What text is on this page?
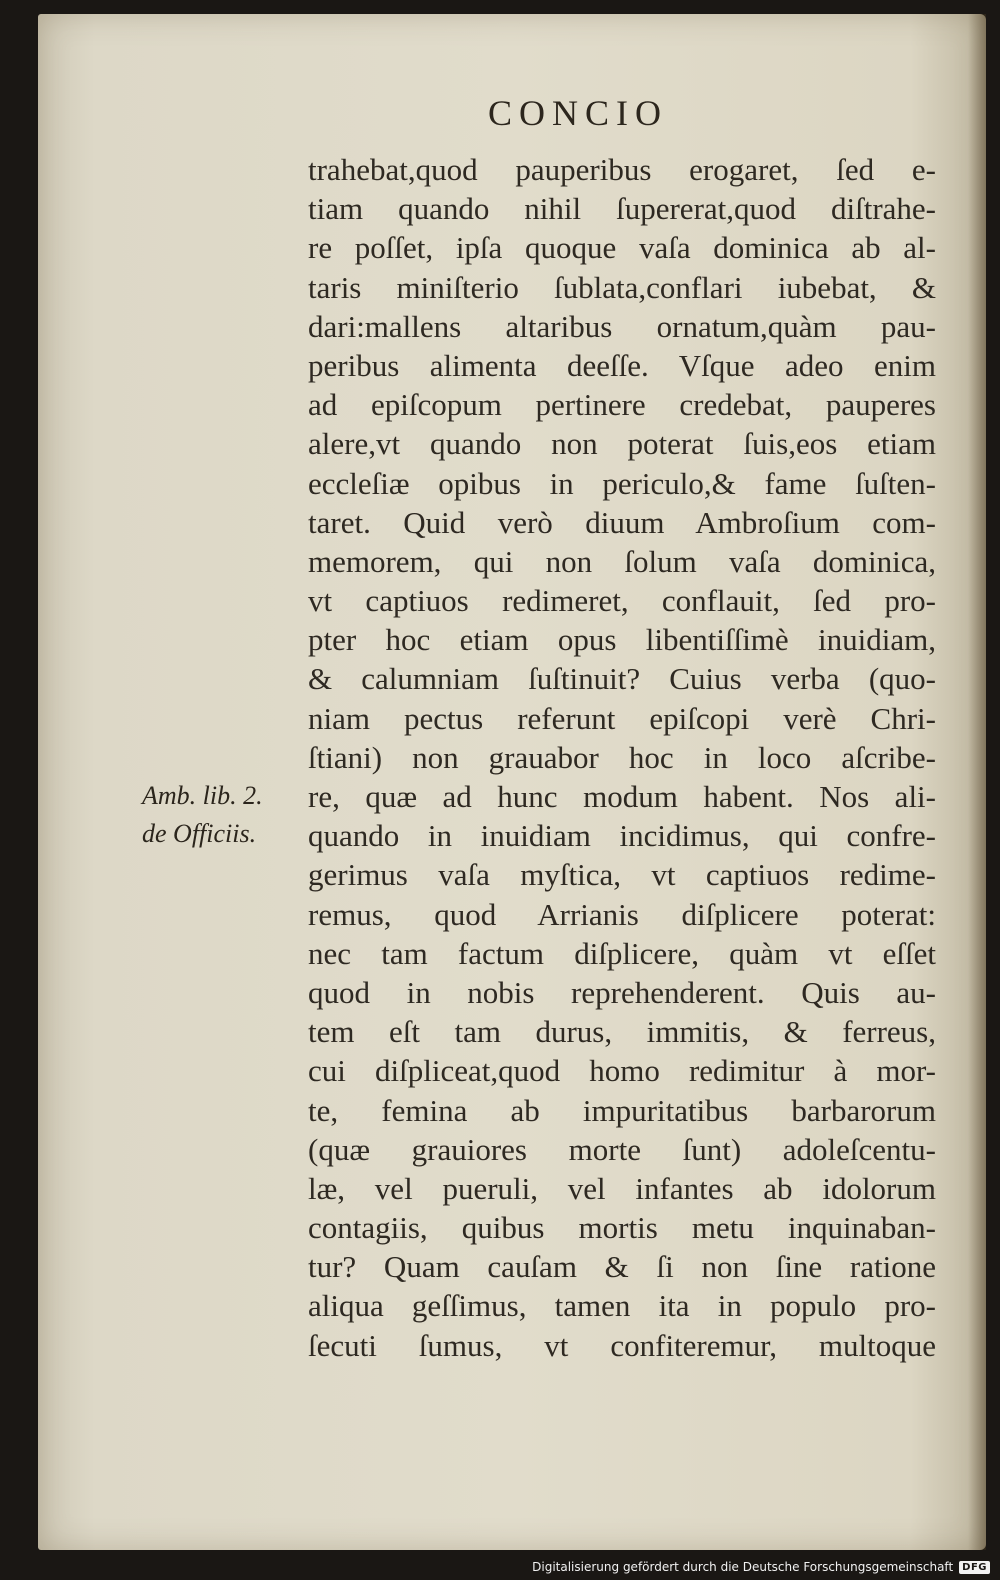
CONCIO
Amb. lib. 2.
de Officiis.
trahebat,quod pauperibus erogaret, ſed e-
tiam quando nihil ſupererat,quod diſtrahe-
re poſſet, ipſa quoque vaſa dominica ab al-
taris miniſterio ſublata,conflari iubebat, &
dari:mallens altaribus ornatum,quàm pau-
peribus alimenta deeſſe. Vſque adeo enim
ad epiſcopum pertinere credebat, pauperes
alere,vt quando non poterat ſuis,eos etiam
eccleſiæ opibus in periculo,& fame ſuſten-
taret. Quid verò diuum Ambroſium com-
memorem, qui non ſolum vaſa dominica,
vt captiuos redimeret, conflauit, ſed pro-
pter hoc etiam opus libentiſſimè inuidiam,
& calumniam ſuſtinuit? Cuius verba (quo-
niam pectus referunt epiſcopi verè Chri-
ſtiani) non grauabor hoc in loco aſcribe-
re, quæ ad hunc modum habent. Nos ali-
quando in inuidiam incidimus, qui confre-
gerimus vaſa myſtica, vt captiuos redime-
remus, quod Arrianis diſplicere poterat:
nec tam factum diſplicere, quàm vt eſſet
quod in nobis reprehenderent. Quis au-
tem eſt tam durus, immitis, & ferreus,
cui diſpliceat,quod homo redimitur à mor-
te, femina ab impuritatibus barbarorum
(quæ grauiores morte ſunt) adoleſcentu-
læ, vel pueruli, vel infantes ab idolorum
contagiis, quibus mortis metu inquinaban-
tur? Quam cauſam & ſi non ſine ratione
aliqua geſſimus, tamen ita in populo pro-
ſecuti ſumus, vt confiteremur, multoque
Digitalisierung gefördert durch die Deutsche Forschungsgemeinschaft DFG
